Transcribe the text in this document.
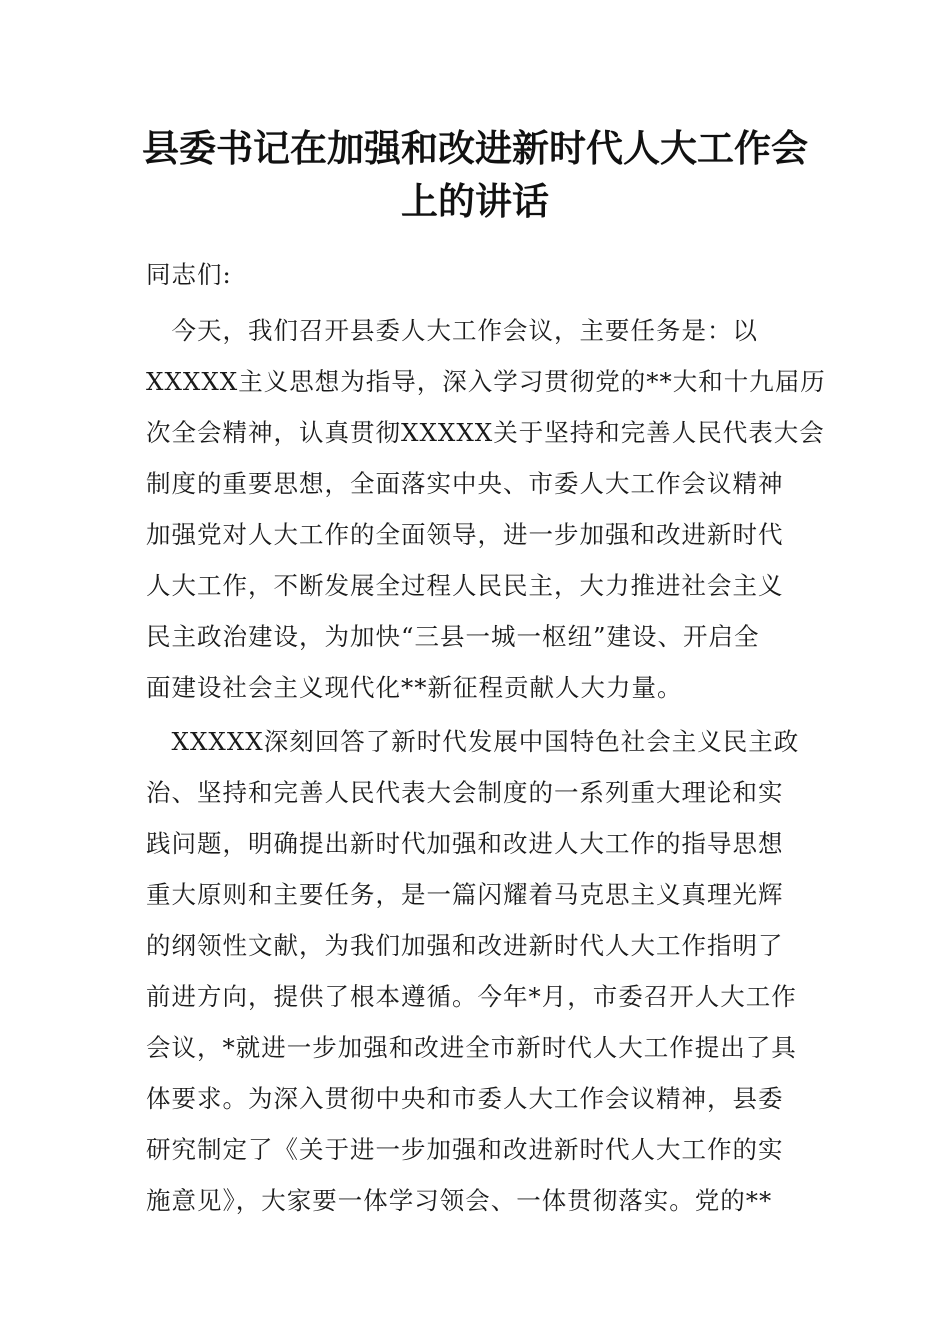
县委书记在加强和改进新时代人大工作会
上的讲话
同志们:
　今天，我们召开县委人大工作会议，主要任务是：以
XXXXX主义思想为指导，深入学习贯彻党的**大和十九届历
次全会精神，认真贯彻XXXXX关于坚持和完善人民代表大会
制度的重要思想，全面落实中央、市委人大工作会议精神
加强党对人大工作的全面领导，进一步加强和改进新时代
人大工作，不断发展全过程人民民主，大力推进社会主义
民主政治建设，为加快“三县一城一枢纽”建设、开启全
面建设社会主义现代化**新征程贡献人大力量。
　XXXXX深刻回答了新时代发展中国特色社会主义民主政
治、坚持和完善人民代表大会制度的一系列重大理论和实
践问题，明确提出新时代加强和改进人大工作的指导思想
重大原则和主要任务，是一篇闪耀着马克思主义真理光辉
的纲领性文献，为我们加强和改进新时代人大工作指明了
前进方向，提供了根本遵循。今年*月，市委召开人大工作
会议，*就进一步加强和改进全市新时代人大工作提出了具
体要求。为深入贯彻中央和市委人大工作会议精神，县委
研究制定了《关于进一步加强和改进新时代人大工作的实
施意见》，大家要一体学习领会、一体贯彻落实。党的**
